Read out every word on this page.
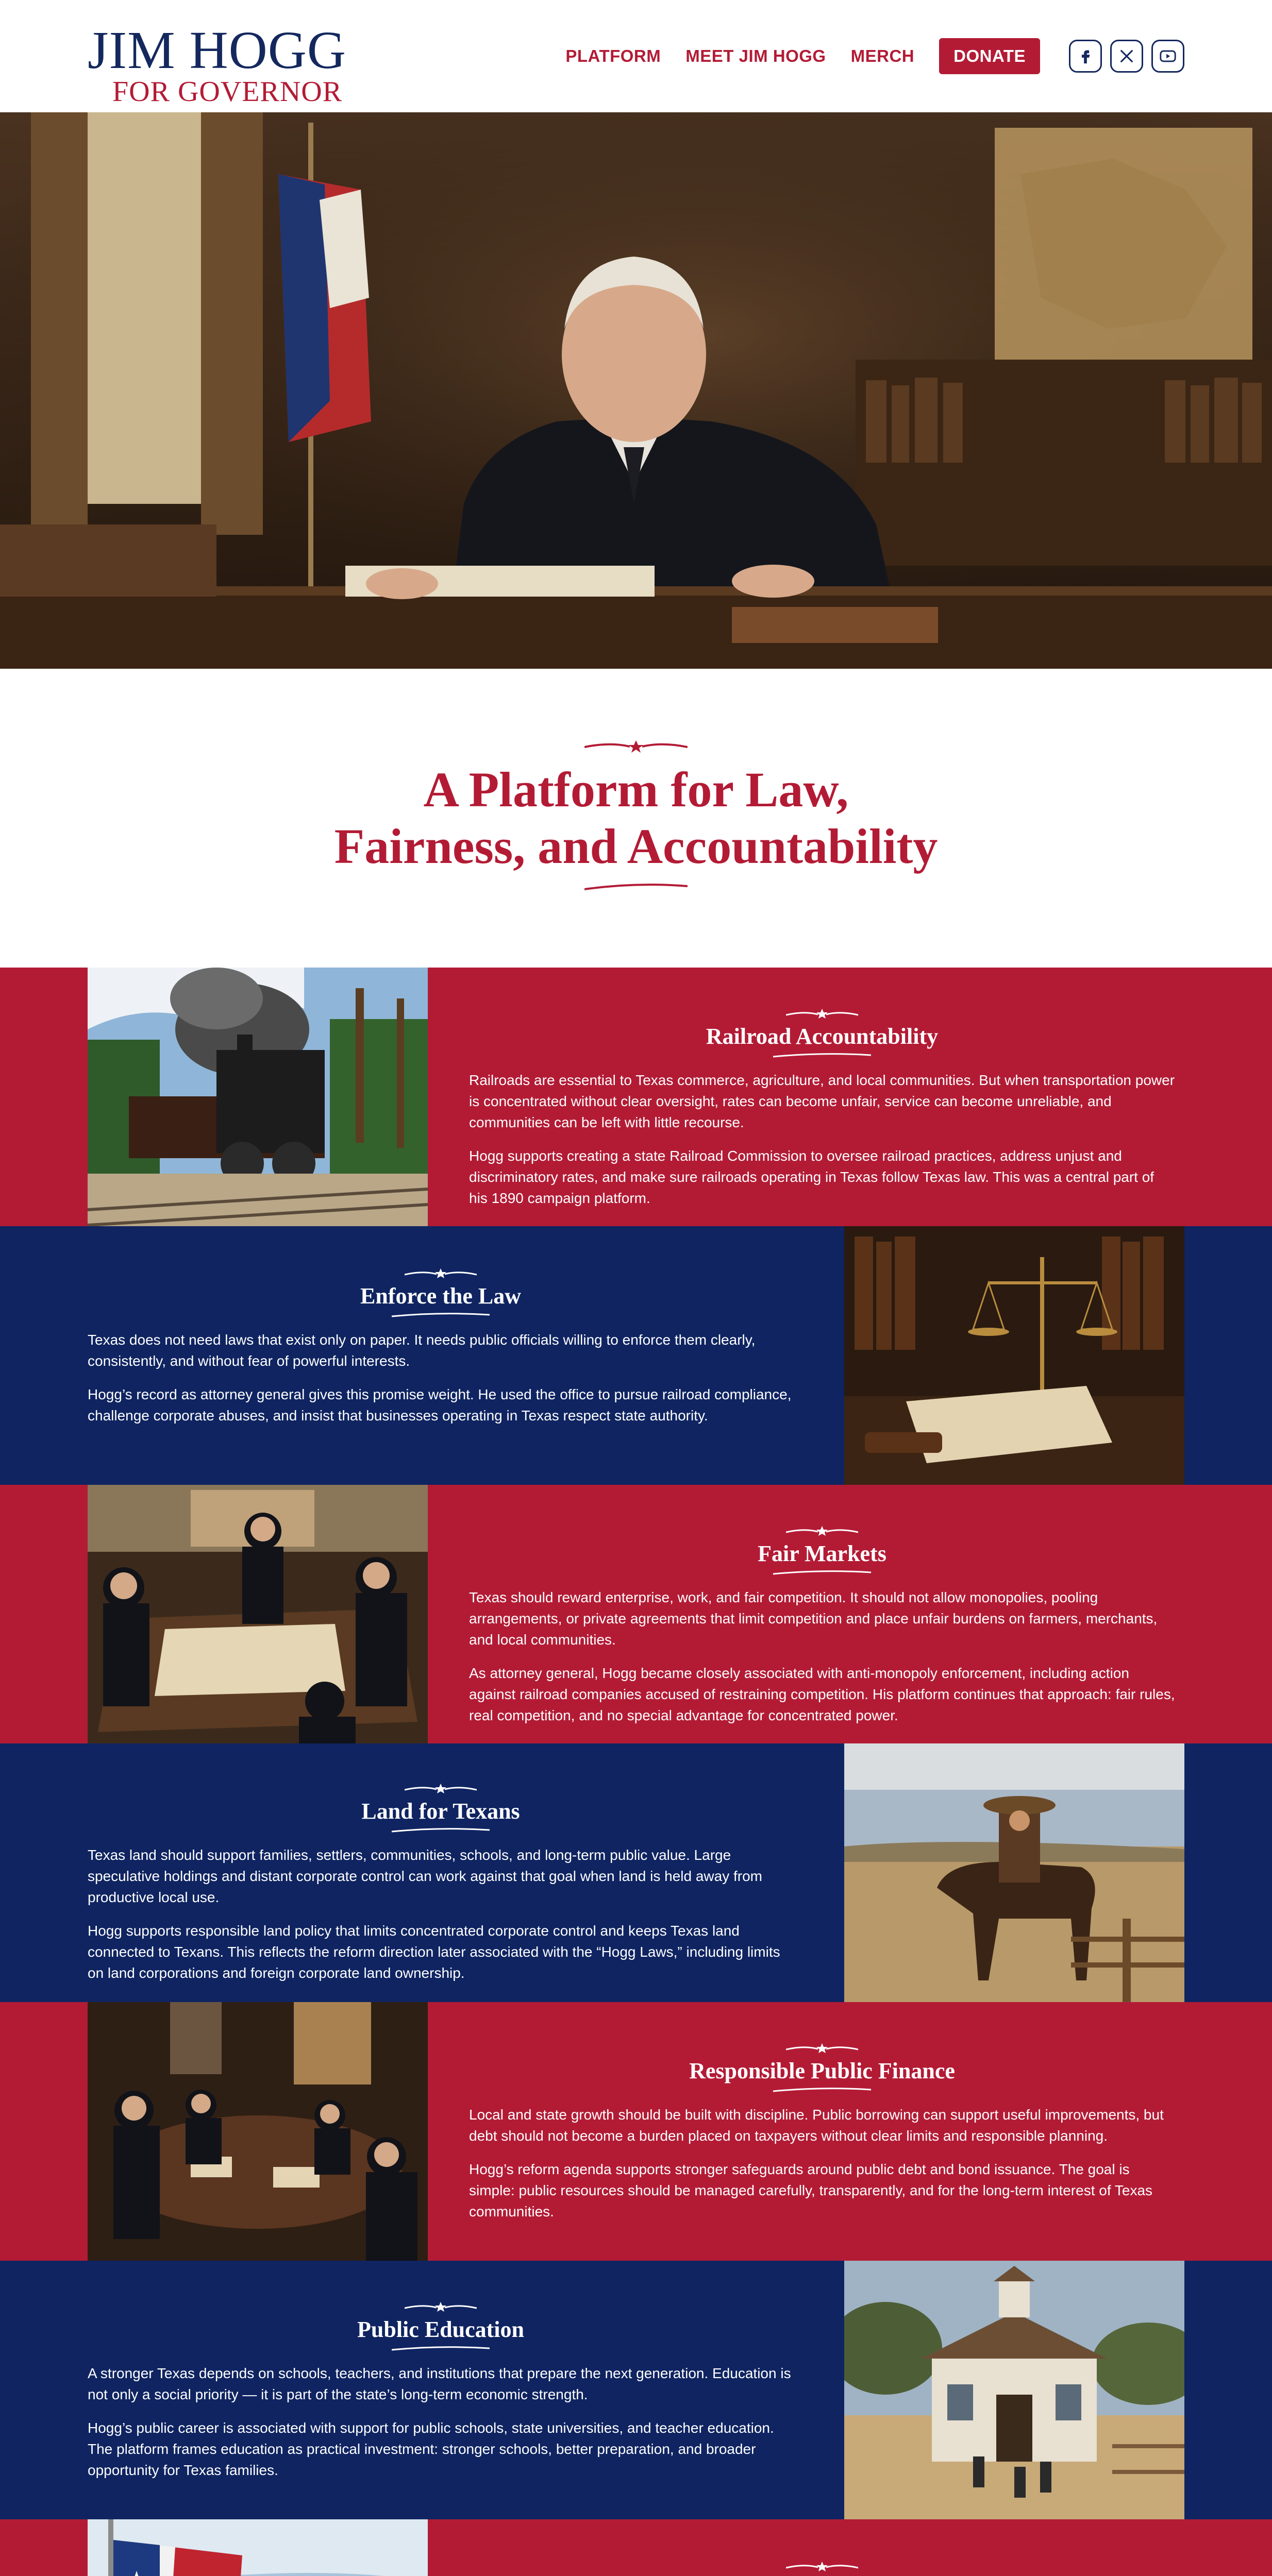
JIM HOGG
FOR GOVERNOR
PLATFORM MEET JIM HOGG MERCH	DONATE
A Platform for Law,
Fairness, and Accountability
Railroad Accountability

Railroads are essential to Texas commerce, agriculture, and local communities. But when transportation power is concentrated without clear oversight, rates can become unfair, service can become unreliable, and communities can be left with little recourse.

Hogg supports creating a state Railroad Commission to oversee railroad practices, address unjust and discriminatory rates, and make sure railroads operating in Texas follow Texas law. This was a central part of his 1890 campaign platform.

Enforce the Law

Texas does not need laws that exist only on paper. It needs public officials willing to enforce them clearly, consistently, and without fear of powerful interests.

Hogg’s record as attorney general gives this promise weight. He used the office to pursue railroad compliance, challenge corporate abuses, and insist that businesses operating in Texas respect state authority.

Fair Markets

Texas should reward enterprise, work, and fair competition. It should not allow monopolies, pooling arrangements, or private agreements that limit competition and place unfair burdens on farmers, merchants, and local communities.

As attorney general, Hogg became closely associated with anti-monopoly enforcement, including action against railroad companies accused of restraining competition. His platform continues that approach: fair rules, real competition, and no special advantage for concentrated power.

Land for Texans

Texas land should support families, settlers, communities, schools, and long-term public value. Large speculative holdings and distant corporate control can work against that goal when land is held away from productive local use.

Hogg supports responsible land policy that limits concentrated corporate control and keeps Texas land connected to Texans. This reflects the reform direction later associated with the “Hogg Laws,” including limits on land corporations and foreign corporate land ownership.

Responsible Public Finance

Local and state growth should be built with discipline. Public borrowing can support useful improvements, but debt should not become a burden placed on taxpayers without clear limits and responsible planning.

Hogg’s reform agenda supports stronger safeguards around public debt and bond issuance. The goal is simple: public resources should be managed carefully, transparently, and for the long-term interest of Texas communities.

Public Education

A stronger Texas depends on schools, teachers, and institutions that prepare the next generation. Education is not only a social priority — it is part of the state’s long-term economic strength.

Hogg’s public career is associated with support for public schools, state universities, and teacher education. The platform frames education as practical investment: stronger schools, better preparation, and broader opportunity for Texas families.
